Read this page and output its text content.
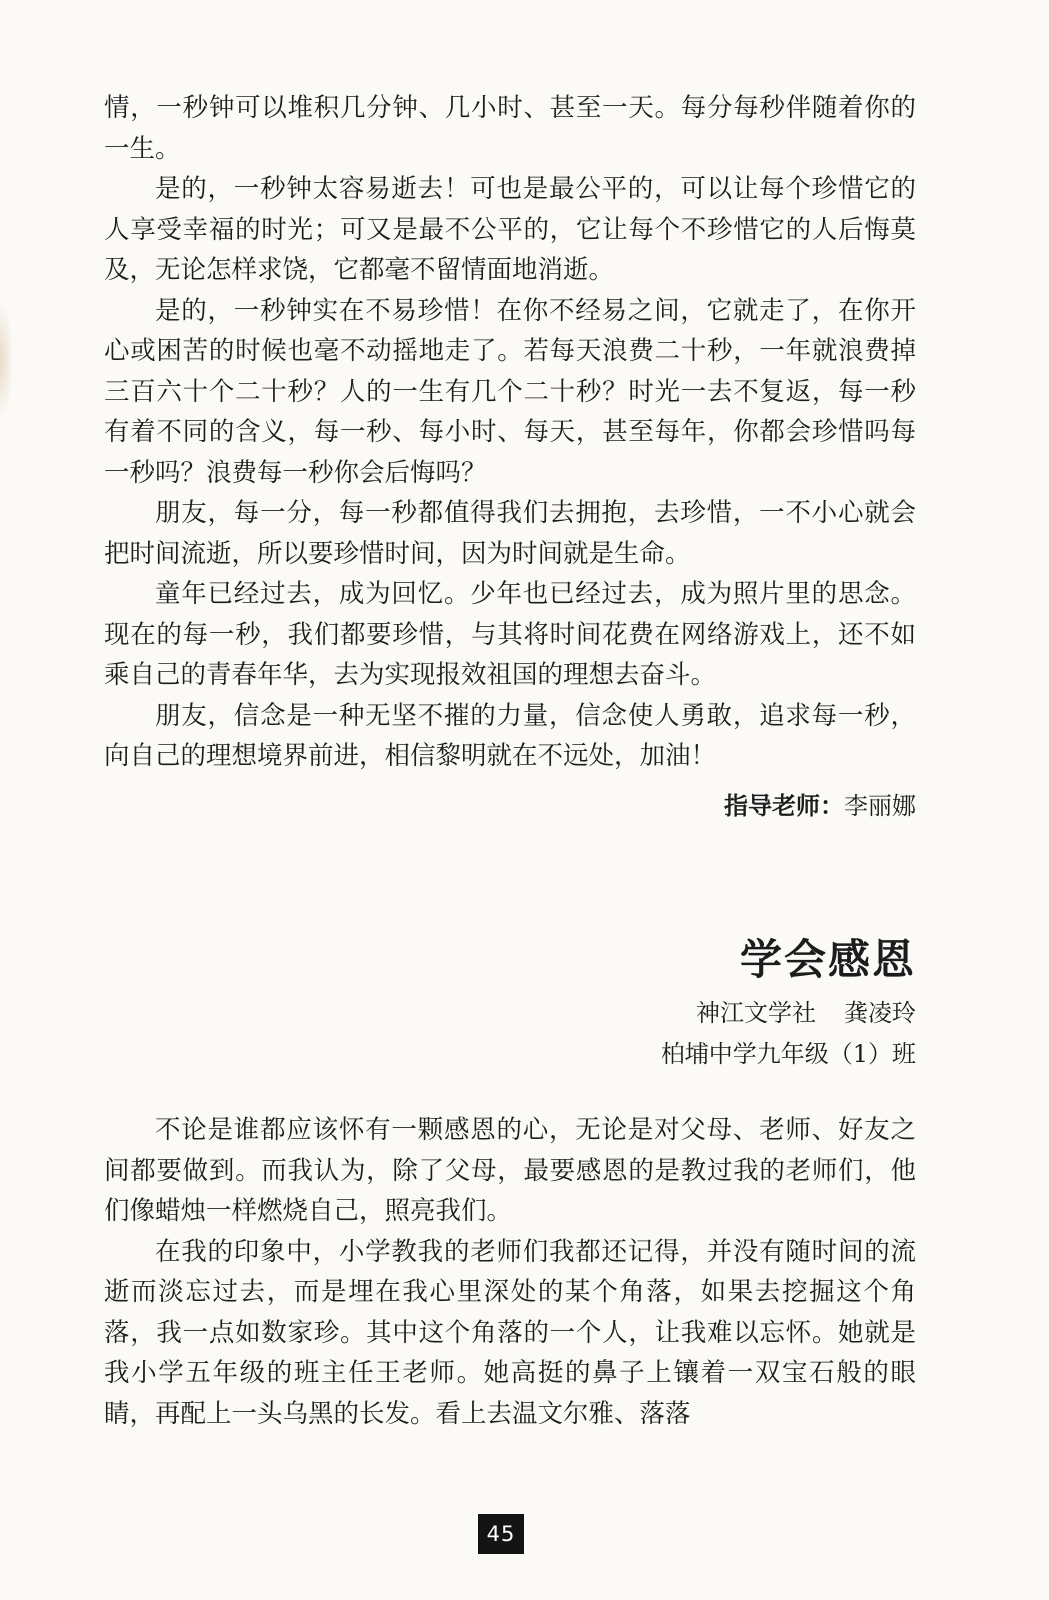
情，一秒钟可以堆积几分钟、几小时、甚至一天。每分每秒伴随着你的一生。

是的，一秒钟太容易逝去！可也是最公平的，可以让每个珍惜它的人享受幸福的时光；可又是最不公平的，它让每个不珍惜它的人后悔莫及，无论怎样求饶，它都毫不留情面地消逝。

是的，一秒钟实在不易珍惜！在你不经易之间，它就走了，在你开心或困苦的时候也毫不动摇地走了。若每天浪费二十秒，一年就浪费掉三百六十个二十秒？人的一生有几个二十秒？时光一去不复返，每一秒有着不同的含义，每一秒、每小时、每天，甚至每年，你都会珍惜吗每一秒吗？浪费每一秒你会后悔吗？

朋友，每一分，每一秒都值得我们去拥抱，去珍惜，一不小心就会把时间流逝，所以要珍惜时间，因为时间就是生命。

童年已经过去，成为回忆。少年也已经过去，成为照片里的思念。现在的每一秒，我们都要珍惜，与其将时间花费在网络游戏上，还不如乘自己的青春年华，去为实现报效祖国的理想去奋斗。

朋友，信念是一种无坚不摧的力量，信念使人勇敢，追求每一秒，向自己的理想境界前进，相信黎明就在不远处，加油！

指导老师：李丽娜
学会感恩
神江文学社 龚凌玲
柏埔中学九年级（1）班

不论是谁都应该怀有一颗感恩的心，无论是对父母、老师、好友之间都要做到。而我认为，除了父母，最要感恩的是教过我的老师们，他们像蜡烛一样燃烧自己，照亮我们。

在我的印象中，小学教我的老师们我都还记得，并没有随时间的流逝而淡忘过去，而是埋在我心里深处的某个角落，如果去挖掘这个角落，我一点如数家珍。其中这个角落的一个人，让我难以忘怀。她就是我小学五年级的班主任王老师。她高挺的鼻子上镶着一双宝石般的眼睛，再配上一头乌黑的长发。看上去温文尔雅、落落

45
